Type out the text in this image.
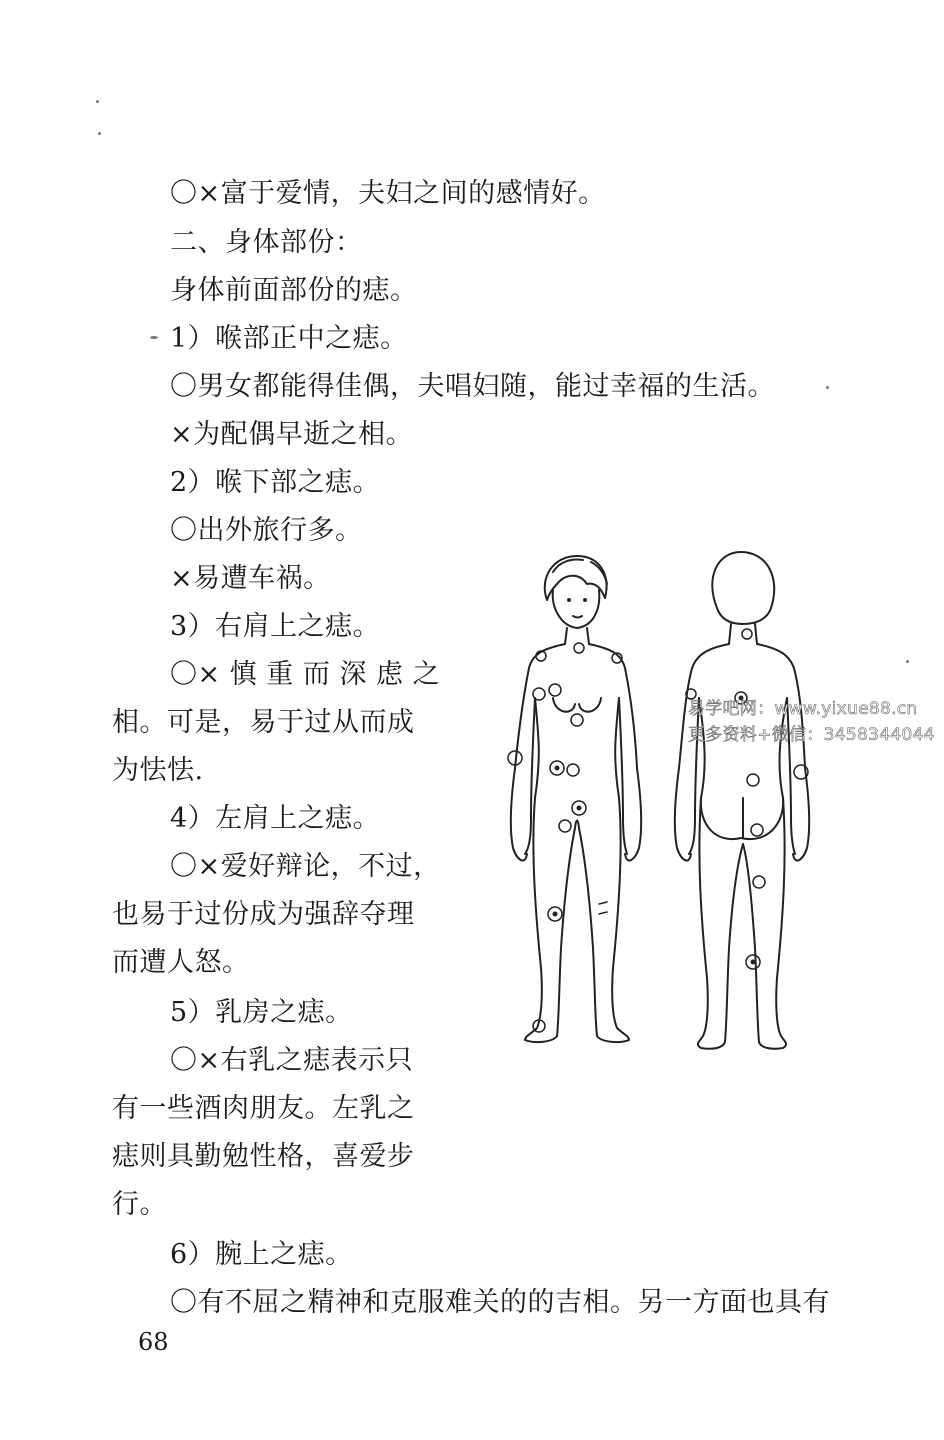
〇×富于爱情，夫妇之间的感情好。
二、身体部份：
身体前面部份的痣。
1）喉部正中之痣。
〇男女都能得佳偶，夫唱妇随，能过幸福的生活。
×为配偶早逝之相。
2）喉下部之痣。
〇出外旅行多。
×易遭车祸。
3）右肩上之痣。
〇× 慎 重 而 深 虑 之
相。可是，易于过从而成
为怯怯.
4）左肩上之痣。
〇×爱好辩论，不过，
也易于过份成为强辞夺理
而遭人怒。
5）乳房之痣。
〇×右乳之痣表示只
有一些酒肉朋友。左乳之
痣则具勤勉性格，喜爱步
行。
6）腕上之痣。
〇有不屈之精神和克服难关的的吉相。另一方面也具有
68
易学吧网：www.yixue88.cn
更多资料+微信：3458344044
